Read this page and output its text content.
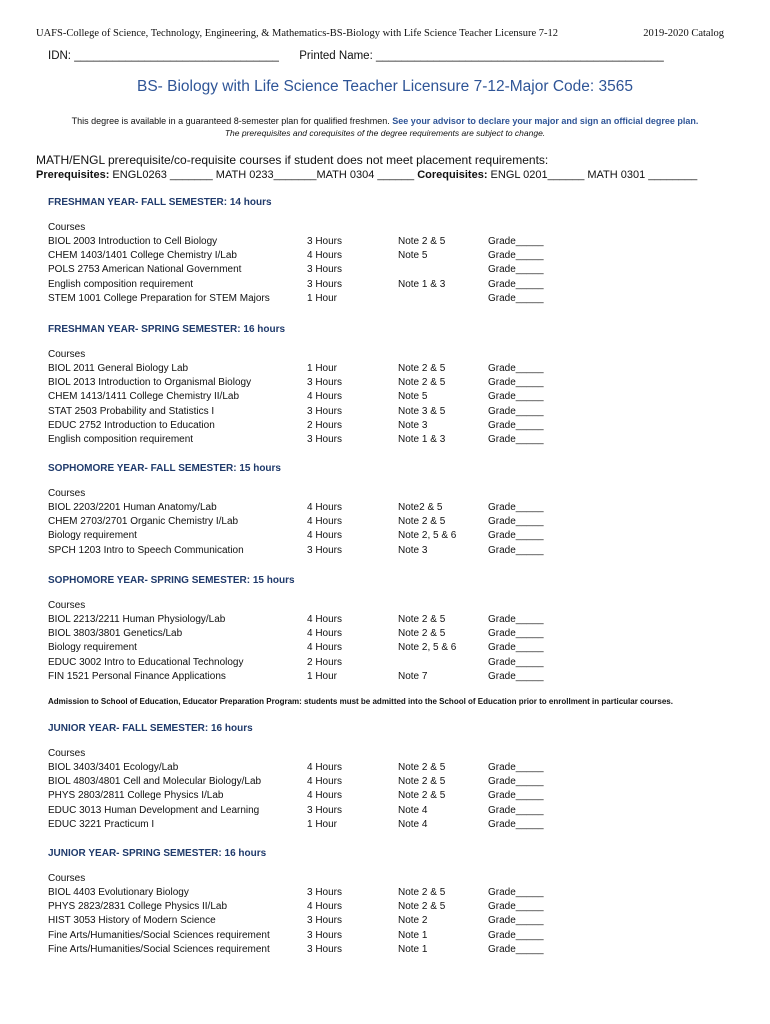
UAFS-College of Science, Technology, Engineering, & Mathematics-BS-Biology with Life Science Teacher Licensure 7-12	2019-2020 Catalog
IDN: ________________________________ Printed Name: _____________________________________________
BS- Biology with Life Science Teacher Licensure 7-12-Major Code: 3565
This degree is available in a guaranteed 8-semester plan for qualified freshmen. See your advisor to declare your major and sign an official degree plan.
The prerequisites and corequisites of the degree requirements are subject to change.
MATH/ENGL prerequisite/co-requisite courses if student does not meet placement requirements:
Prerequisites: ENGL0263 _______ MATH 0233_______MATH 0304 ______ Corequisites: ENGL 0201______ MATH 0301 ________
FRESHMAN YEAR- FALL SEMESTER: 14 hours
Courses
BIOL 2003 Introduction to Cell Biology	3 Hours	Note 2 & 5	Grade_____
CHEM 1403/1401 College Chemistry I/Lab	4 Hours	Note 5	Grade_____
POLS 2753 American National Government	3 Hours	Grade_____
English composition requirement	3 Hours	Note 1 & 3	Grade_____
STEM 1001 College Preparation for STEM Majors	1 Hour	Grade_____
FRESHMAN YEAR- SPRING SEMESTER: 16 hours
Courses
BIOL 2011 General Biology Lab	1 Hour	Note 2 & 5	Grade_____
BIOL 2013 Introduction to Organismal Biology	3 Hours	Note 2 & 5	Grade_____
CHEM 1413/1411 College Chemistry II/Lab	4 Hours	Note 5	Grade_____
STAT 2503 Probability and Statistics I	3 Hours	Note 3 & 5	Grade_____
EDUC 2752 Introduction to Education	2 Hours	Note 3	Grade_____
English composition requirement	3 Hours	Note 1 & 3	Grade_____
SOPHOMORE YEAR- FALL SEMESTER: 15 hours
Courses
BIOL 2203/2201 Human Anatomy/Lab	4 Hours	Note2 & 5	Grade_____
CHEM 2703/2701 Organic Chemistry I/Lab	4 Hours	Note 2 & 5	Grade_____
Biology requirement	4 Hours	Note 2, 5 & 6	Grade_____
SPCH 1203 Intro to Speech Communication	3 Hours	Note 3	Grade_____
SOPHOMORE YEAR- SPRING SEMESTER: 15 hours
Courses
BIOL 2213/2211 Human Physiology/Lab	4 Hours	Note 2 & 5	Grade_____
BIOL 3803/3801 Genetics/Lab	4 Hours	Note 2 & 5	Grade_____
Biology requirement	4 Hours	Note 2, 5 & 6	Grade_____
EDUC 3002 Intro to Educational Technology	2 Hours	Grade_____
FIN 1521 Personal Finance Applications	1 Hour	Note 7	Grade_____
Admission to School of Education, Educator Preparation Program: students must be admitted into the School of Education prior to enrollment in particular courses.
JUNIOR YEAR- FALL SEMESTER: 16 hours
Courses
BIOL 3403/3401 Ecology/Lab	4 Hours	Note 2 & 5	Grade_____
BIOL 4803/4801 Cell and Molecular Biology/Lab	4 Hours	Note 2 & 5	Grade_____
PHYS 2803/2811 College Physics I/Lab	4 Hours	Note 2 & 5	Grade_____
EDUC 3013 Human Development and Learning	3 Hours	Note 4	Grade_____
EDUC 3221 Practicum I	1 Hour	Note 4	Grade_____
JUNIOR YEAR- SPRING SEMESTER: 16 hours
Courses
BIOL 4403 Evolutionary Biology	3 Hours	Note 2 & 5	Grade_____
PHYS 2823/2831 College Physics II/Lab	4 Hours	Note 2 & 5	Grade_____
HIST 3053 History of Modern Science	3 Hours	Note 2	Grade_____
Fine Arts/Humanities/Social Sciences requirement	3 Hours	Note 1	Grade_____
Fine Arts/Humanities/Social Sciences requirement	3 Hours	Note 1	Grade_____
